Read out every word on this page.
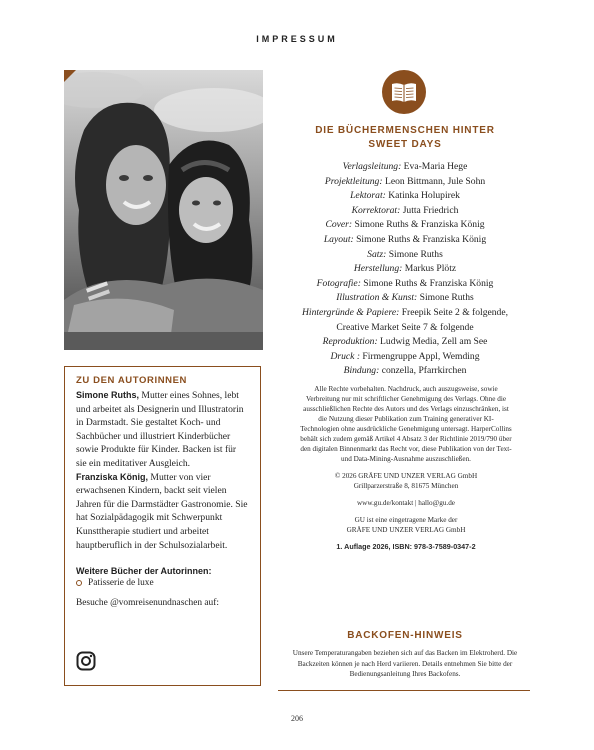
IMPRESSUM
ZU DEN AUTORINNEN

Simone Ruths, Mutter eines Sohnes, lebt und arbeitet als Designerin und Illustratorin in Darmstadt. Sie gestaltet Koch- und Sachbücher und illustriert Kinderbücher sowie Produkte für Kinder. Backen ist für sie ein meditativer Ausgleich.
Franziska König, Mutter von vier erwachsenen Kindern, backt seit vielen Jahren für die Darmstädter Gastronomie. Sie hat Sozialpädagogik mit Schwerpunkt Kunsttherapie studiert und arbeitet hauptberuflich in der Schulsozialarbeit.

Weitere Bücher der Autorinnen:
Patisserie de luxe
Besuche @vomreisenundnaschen auf:
DIE BÜCHERMENSCHEN HINTER
SWEET DAYS
Verlagsleitung: Eva-Maria Hege
Projektleitung: Leon Bittmann, Jule Sohn
Lektorat: Katinka Holupirek
Korrektorat: Jutta Friedrich
Cover: Simone Ruths & Franziska König
Layout: Simone Ruths & Franziska König
Satz: Simone Ruths
Herstellung: Markus Plötz
Fotografie: Simone Ruths & Franziska König
Illustration & Kunst: Simone Ruths
Hintergründe & Papiere: Freepik Seite 2 & folgende,
Creative Market Seite 7 & folgende
Reproduktion: Ludwig Media, Zell am See
Druck : Firmengruppe Appl, Wemding
Bindung: conzella, Pfarrkirchen

Alle Rechte vorbehalten. Nachdruck, auch auszugsweise, sowie Verbreitung nur mit schriftlicher Genehmigung des Verlags. Ohne die ausschließlichen Rechte des Autors und des Verlags einzuschränken, ist die Nutzung dieser Publikation zum Training generativer KI-Technologien ohne ausdrückliche Genehmigung untersagt. HarperCollins behält sich zudem gemäß Artikel 4 Absatz 3 der Richtlinie 2019/790 über den digitalen Binnenmarkt das Recht vor, diese Publikation von der Text- und Data-Mining-Ausnahme auszuschließen.

© 2026 GRÄFE UND UNZER VERLAG GmbH
Grillparzerstraße 8, 81675 München

www.gu.de/kontakt | hallo@gu.de

GU ist eine eingetragene Marke der
GRÄFE UND UNZER VERLAG GmbH

1. Auflage 2026, ISBN: 978-3-7589-0347-2

BACKOFEN-HINWEIS
Unsere Temperaturangaben beziehen sich auf das Backen im Elektroherd. Die Backzeiten können je nach Herd variieren. Details entnehmen Sie bitte der Bedienungsanleitung Ihres Backofens.
206
